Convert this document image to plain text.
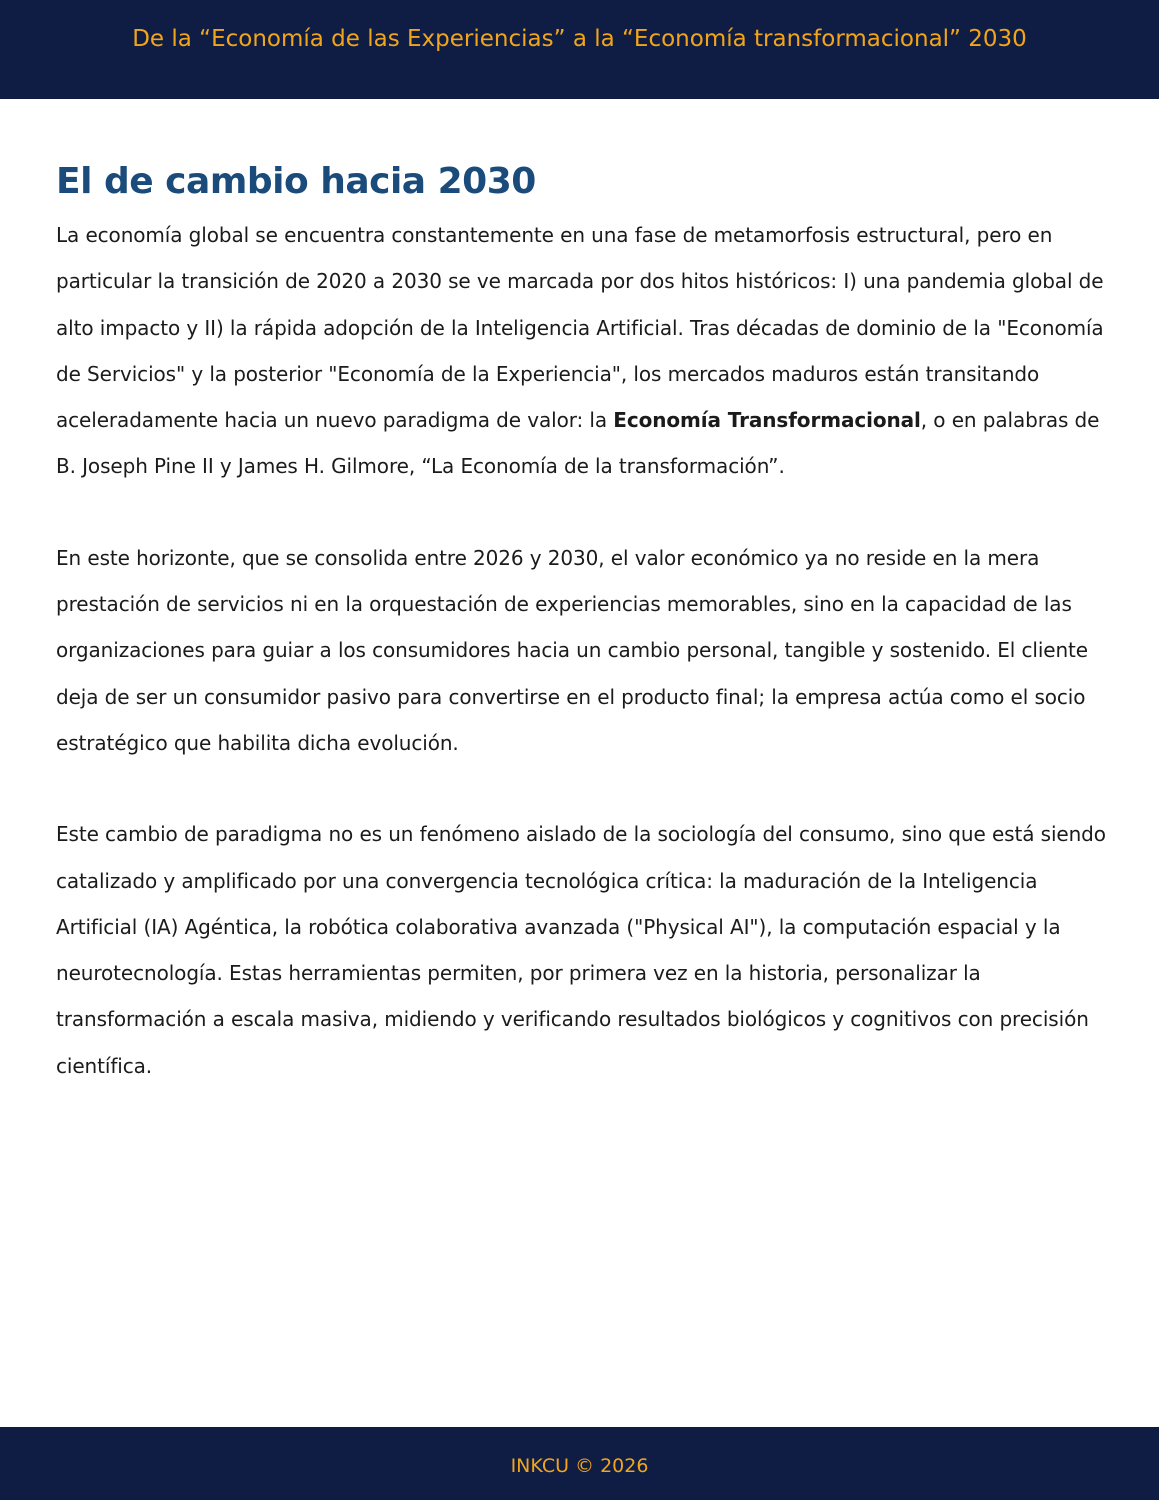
De la “Economía de las Experiencias” a la “Economía transformacional” 2030
El de cambio hacia 2030

La economía global se encuentra constantemente en una fase de metamorfosis estructural, pero en particular la transición de 2020 a 2030 se ve marcada por dos hitos históricos: I) una pandemia global de alto impacto y II) la rápida adopción de la Inteligencia Artificial. Tras décadas de dominio de la "Economía de Servicios" y la posterior "Economía de la Experiencia", los mercados maduros están transitando aceleradamente hacia un nuevo paradigma de valor: la Economía Transformacional, o en palabras de B. Joseph Pine II y James H. Gilmore, “La Economía de la transformación”.

En este horizonte, que se consolida entre 2026 y 2030, el valor económico ya no reside en la mera prestación de servicios ni en la orquestación de experiencias memorables, sino en la capacidad de las organizaciones para guiar a los consumidores hacia un cambio personal, tangible y sostenido. El cliente deja de ser un consumidor pasivo para convertirse en el producto final; la empresa actúa como el socio estratégico que habilita dicha evolución.

Este cambio de paradigma no es un fenómeno aislado de la sociología del consumo, sino que está siendo catalizado y amplificado por una convergencia tecnológica crítica: la maduración de la Inteligencia Artificial (IA) Agéntica, la robótica colaborativa avanzada ("Physical AI"), la computación espacial y la neurotecnología. Estas herramientas permiten, por primera vez en la historia, personalizar la transformación a escala masiva, midiendo y verificando resultados biológicos y cognitivos con precisión científica.

INKCU © 2026
